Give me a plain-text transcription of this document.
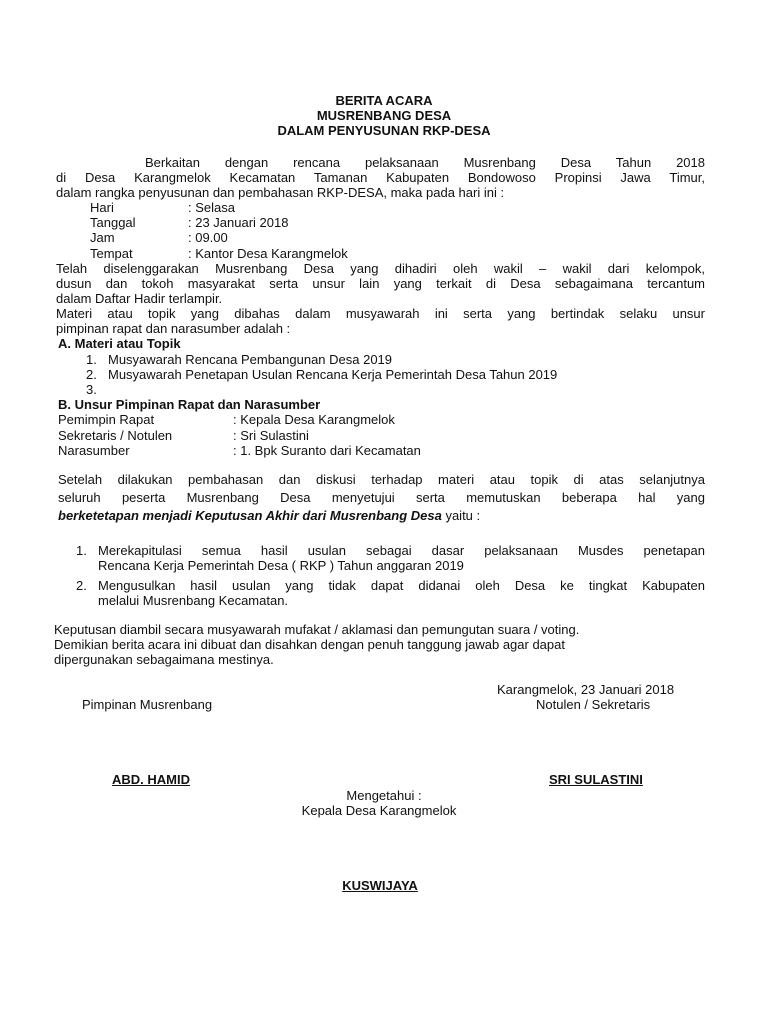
BERITA ACARA
MUSRENBANG DESA
DALAM PENYUSUNAN RKP-DESA
Berkaitan dengan rencana pelaksanaan Musrenbang Desa Tahun 2018
di Desa Karangmelok Kecamatan Tamanan Kabupaten Bondowoso Propinsi Jawa Timur,
dalam rangka penyusunan dan pembahasan RKP-DESA, maka pada hari ini :
Hari	: Selasa
Tanggal	: 23 Januari 2018
Jam	: 09.00
Tempat	: Kantor Desa Karangmelok
Telah diselenggarakan Musrenbang Desa yang dihadiri oleh wakil – wakil dari kelompok,
dusun dan tokoh masyarakat serta unsur lain yang terkait di Desa sebagaimana tercantum
dalam Daftar Hadir terlampir.
Materi atau topik yang dibahas dalam musyawarah ini serta yang bertindak selaku unsur
pimpinan rapat dan narasumber adalah :
A. Materi atau Topik
1. Musyawarah Rencana Pembangunan Desa 2019
2. Musyawarah Penetapan Usulan Rencana Kerja Pemerintah Desa Tahun 2019
3.
B. Unsur Pimpinan Rapat dan Narasumber
Pemimpin Rapat	: Kepala Desa Karangmelok
Sekretaris / Notulen	: Sri Sulastini
Narasumber	: 1. Bpk Suranto dari Kecamatan
Setelah dilakukan pembahasan dan diskusi terhadap materi atau topik di atas selanjutnya
seluruh peserta Musrenbang Desa menyetujui serta memutuskan beberapa hal yang
berketetapan menjadi Keputusan Akhir dari Musrenbang Desa yaitu :
1. Merekapitulasi semua hasil usulan sebagai dasar pelaksanaan Musdes penetapan
Rencana Kerja Pemerintah Desa ( RKP ) Tahun anggaran 2019
2. Mengusulkan hasil usulan yang tidak dapat didanai oleh Desa ke tingkat Kabupaten
melalui Musrenbang Kecamatan.
Keputusan diambil secara musyawarah mufakat / aklamasi dan pemungutan suara / voting.
Demikian berita acara ini dibuat dan disahkan dengan penuh tanggung jawab agar dapat
dipergunakan sebagaimana mestinya.
Karangmelok, 23 Januari 2018
Pimpinan Musrenbang	Notulen / Sekretaris
ABD. HAMID	SRI SULASTINI
Mengetahui :
Kepala Desa Karangmelok
KUSWIJAYA
